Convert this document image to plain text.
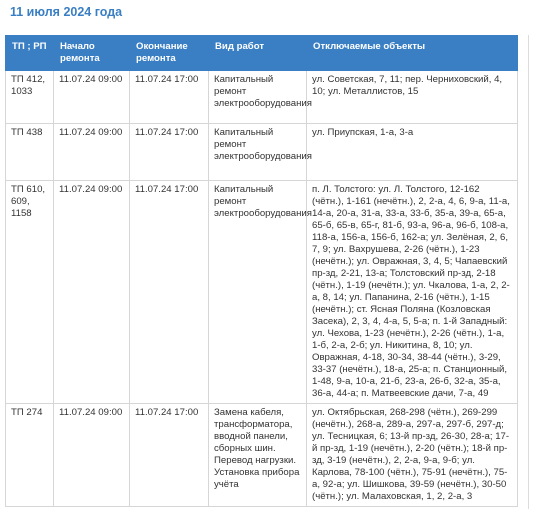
11 июля 2024 года
ТП ; РП	Начало ремонта	Окончание ремонта	Вид работ	Отключаемые объекты
ТП 412, 1033	11.07.24 09:00	11.07.24 17:00	Капитальный ремонт электрооборудования	ул. Советская, 7, 11; пер. Черниховский, 4, 10; ул. Металлистов, 15
ТП 438	11.07.24 09:00	11.07.24 17:00	Капитальный ремонт электрооборудования	ул. Приупская, 1-а, 3-а
ТП 610, 609, 1158	11.07.24 09:00	11.07.24 17:00	Капитальный ремонт электрооборудования	п. Л. Толстого: ул. Л. Толстого, 12-162 (чётн.), 1-161 (нечётн.), 2, 2-а, 4, 6, 9-а, 11-а, 14-а, 20-а, 31-а, 33-а, 33-б, 35-а, 39-а, 65-а, 65-б, 65-в, 65-г, 81-б, 93-а, 96-а, 96-б, 108-а, 118-а, 156-а, 156-б, 162-а; ул. Зелёная, 2, 6, 7, 9; ул. Вахрушева, 2-26 (чётн.), 1-23 (нечётн.); ул. Овражная, 3, 4, 5; Чапаевский пр-зд, 2-21, 13-а; Толстовский пр-зд, 2-18 (чётн.), 1-19 (нечётн.); ул. Чкалова, 1-а, 2, 2-а, 8, 14; ул. Папанина, 2-16 (чётн.), 1-15 (нечётн.); ст. Ясная Поляна (Козловская Засека), 2, 3, 4, 4-а, 5, 5-а; п. 1-й Западный: ул. Чехова, 1-23 (нечётн.), 2-26 (чётн.), 1-а, 1-б, 2-а, 2-б; ул. Никитина, 8, 10; ул. Овражная, 4-18, 30-34, 38-44 (чётн.), 3-29, 33-37 (нечётн.), 18-а, 25-а; п. Станционный, 1-48, 9-а, 10-а, 21-б, 23-а, 26-б, 32-а, 35-а, 36-а, 44-а; п. Матвеевские дачи, 7-а, 49
ТП 274	11.07.24 09:00	11.07.24 17:00	Замена кабеля, трансформатора, вводной панели, сборных шин. Перевод нагрузки. Установка прибора учёта	ул. Октябрьская, 268-298 (чётн.), 269-299 (нечётн.), 268-а, 289-а, 297-а, 297-б, 297-д; ул. Тесницкая, 6; 13-й пр-зд, 26-30, 28-а; 17-й пр-зд, 1-19 (нечётн.), 2-20 (чётн.); 18-й пр-зд, 3-19 (нечётн.), 2, 2-а, 9-а, 9-б; ул. Карлова, 78-100 (чётн.), 75-91 (нечётн.), 75-а, 92-а; ул. Шишкова, 39-59 (нечётн.), 30-50 (чётн.); ул. Малаховская, 1, 2, 2-а, 3
